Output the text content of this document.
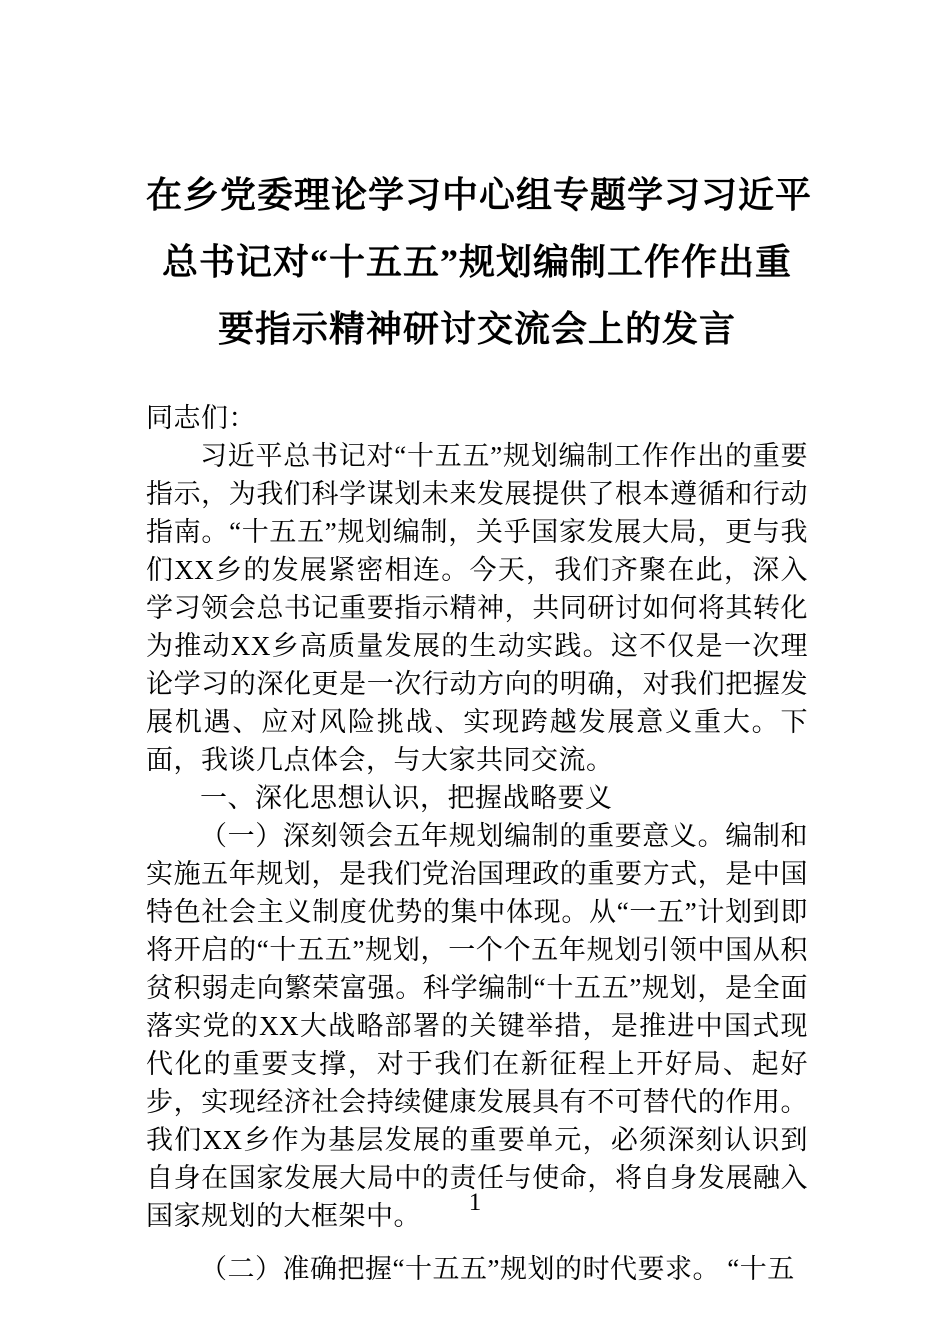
在乡党委理论学习中心组专题学习习近平
总书记对“十五五”规划编制工作作出重
要指示精神研讨交流会上的发言

同志们：

习近平总书记对“十五五”规划编制工作作出的重要指示，为我们科学谋划未来发展提供了根本遵循和行动指南。“十五五”规划编制，关乎国家发展大局，更与我们XX乡的发展紧密相连。今天，我们齐聚在此，深入学习领会总书记重要指示精神，共同研讨如何将其转化为推动XX乡高质量发展的生动实践。这不仅是一次理论学习的深化更是一次行动方向的明确，对我们把握发展机遇、应对风险挑战、实现跨越发展意义重大。下面，我谈几点体会，与大家共同交流。

一、深化思想认识，把握战略要义

（一）深刻领会五年规划编制的重要意义。编制和实施五年规划，是我们党治国理政的重要方式，是中国特色社会主义制度优势的集中体现。从“一五”计划到即将开启的“十五五”规划，一个个五年规划引领中国从积贫积弱走向繁荣富强。科学编制“十五五”规划，是全面落实党的XX大战略部署的关键举措，是推进中国式现代化的重要支撑，对于我们在新征程上开好局、起好步，实现经济社会持续健康发展具有不可替代的作用。我们XX乡作为基层发展的重要单元，必须深刻认识到自身在国家发展大局中的责任与使命，将自身发展融入国家规划的大框架中。

（二）准确把握“十五五”规划的时代要求。 “十五

1
